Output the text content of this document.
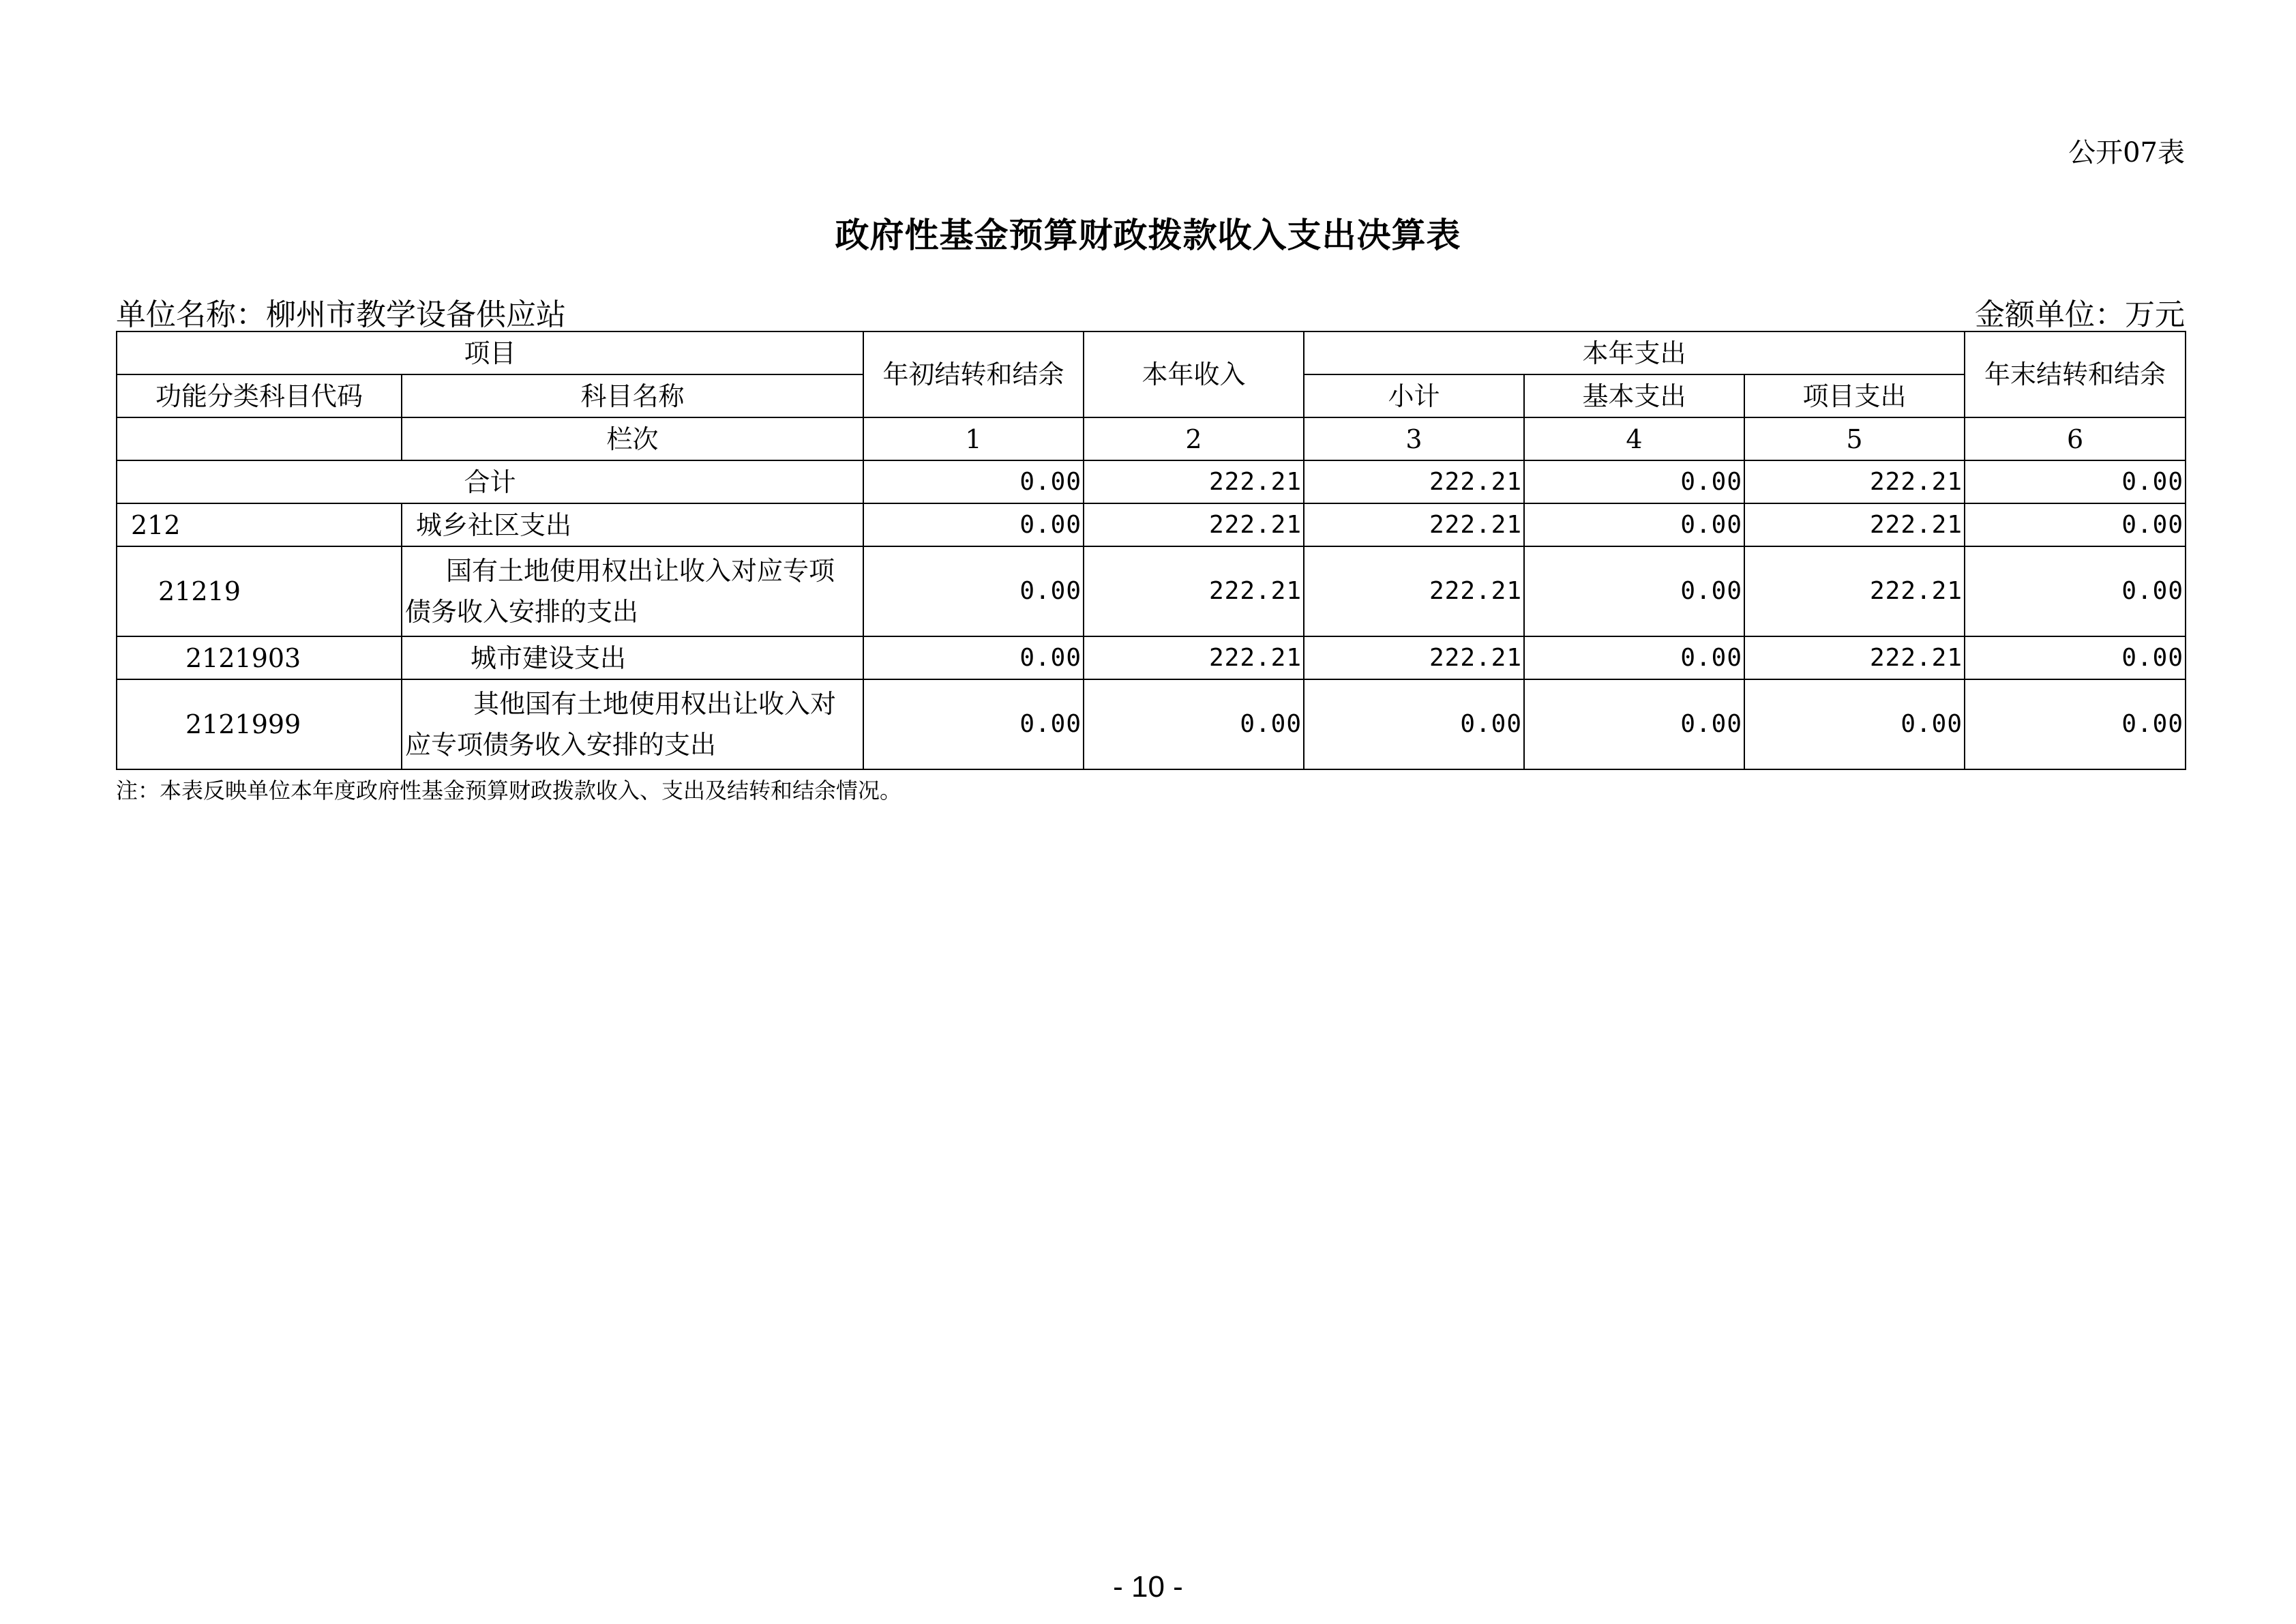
公开07表
政府性基金预算财政拨款收入支出决算表
单位名称：柳州市教学设备供应站	金额单位：万元
项目		年初结转和结余	本年收入	本年支出			年末结转和结余
功能分类科目代码	科目名称			小计	基本支出	项目支出	
	栏次	1	2	3	4	5	6
合计		0.00	222.21	222.21	0.00	222.21	0.00
212	城乡社区支出	0.00	222.21	222.21	0.00	222.21	0.00
21219	国有土地使用权出让收入对应专项债务收入安排的支出	0.00	222.21	222.21	0.00	222.21	0.00
2121903	城市建设支出	0.00	222.21	222.21	0.00	222.21	0.00
2121999	其他国有土地使用权出让收入对应专项债务收入安排的支出	0.00	0.00	0.00	0.00	0.00	0.00
注：本表反映单位本年度政府性基金预算财政拨款收入、支出及结转和结余情况。
- 10 -
